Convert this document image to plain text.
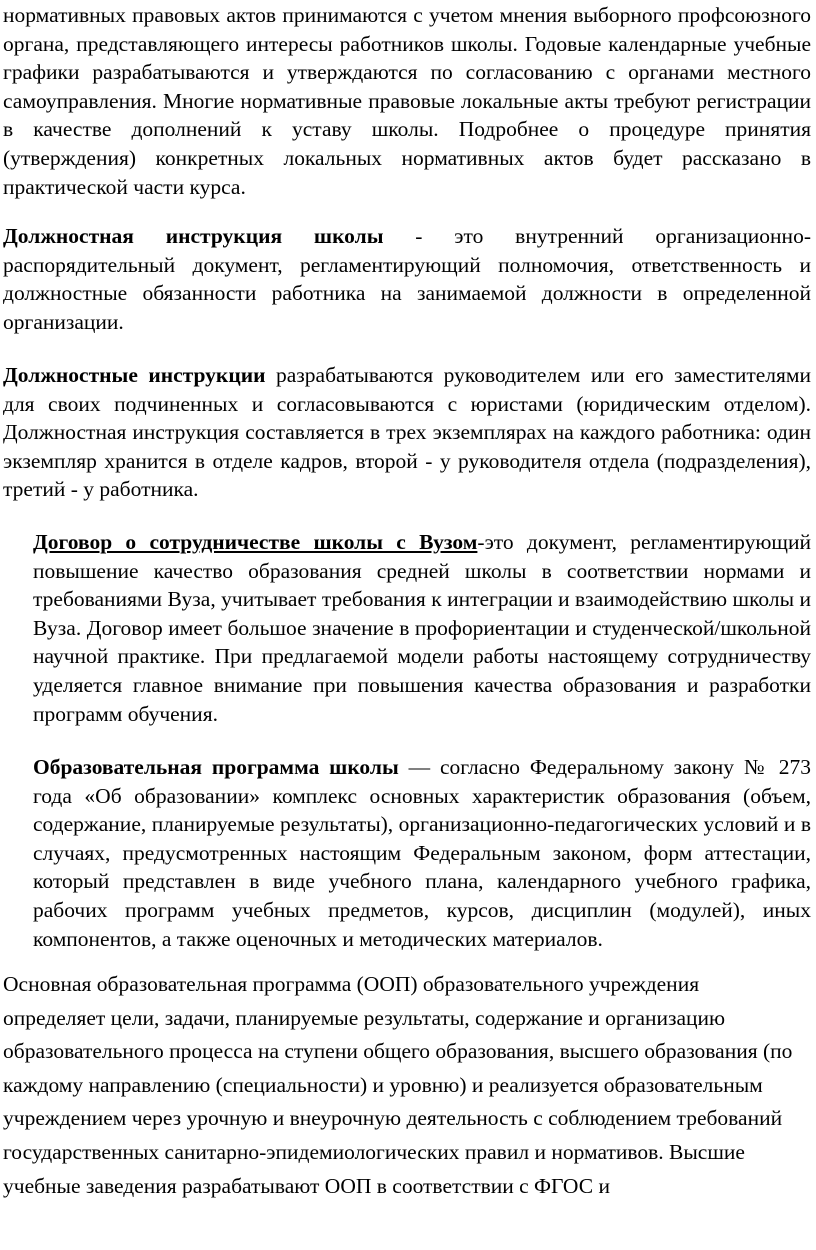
нормативных правовых актов принимаются с учетом мнения выборного профсоюзного органа, представляющего интересы работников школы. Годовые календарные учебные графики разрабатываются и утверждаются по согласованию с органами местного самоуправления. Многие нормативные правовые локальные акты требуют регистрации в качестве дополнений к уставу школы. Подробнее о процедуре принятия (утверждения) конкретных локальных нормативных актов будет рассказано в практической части курса.

Должностная инструкция школы - это внутренний организационно-распорядительный документ, регламентирующий полномочия, ответственность и должностные обязанности работника на занимаемой должности в определенной организации.

Должностные инструкции разрабатываются руководителем или его заместителями для своих подчиненных и согласовываются с юристами (юридическим отделом). Должностная инструкция составляется в трех экземплярах на каждого работника: один экземпляр хранится в отделе кадров, второй - у руководителя отдела (подразделения), третий - у работника.

Договор о сотрудничестве школы с Вузом-это документ, регламентирующий повышение качество образования средней школы в соответствии нормами и требованиями Вуза, учитывает требования к интеграции и взаимодействию школы и Вуза. Договор имеет большое значение в профориентации и студенческой/школьной научной практике. При предлагаемой модели работы настоящему сотрудничеству уделяется главное внимание при повышения качества образования и разработки программ обучения.

Образовательная программа школы — согласно Федеральному закону № 273 года «Об образовании» комплекс основных характеристик образования (объем, содержание, планируемые результаты), организационно-педагогических условий и в случаях, предусмотренных настоящим Федеральным законом, форм аттестации, который представлен в виде учебного плана, календарного учебного графика, рабочих программ учебных предметов, курсов, дисциплин (модулей), иных компонентов, а также оценочных и методических материалов.

Основная образовательная программа (ООП) образовательного учреждения определяет цели, задачи, планируемые результаты, содержание и организацию образовательного процесса на ступени общего образования, высшего образования (по каждому направлению (специальности) и уровню) и реализуется образовательным учреждением через урочную и внеурочную деятельность с соблюдением требований государственных санитарно-эпидемиологических правил и нормативов. Высшие учебные заведения разрабатывают ООП в соответствии с ФГОС и
